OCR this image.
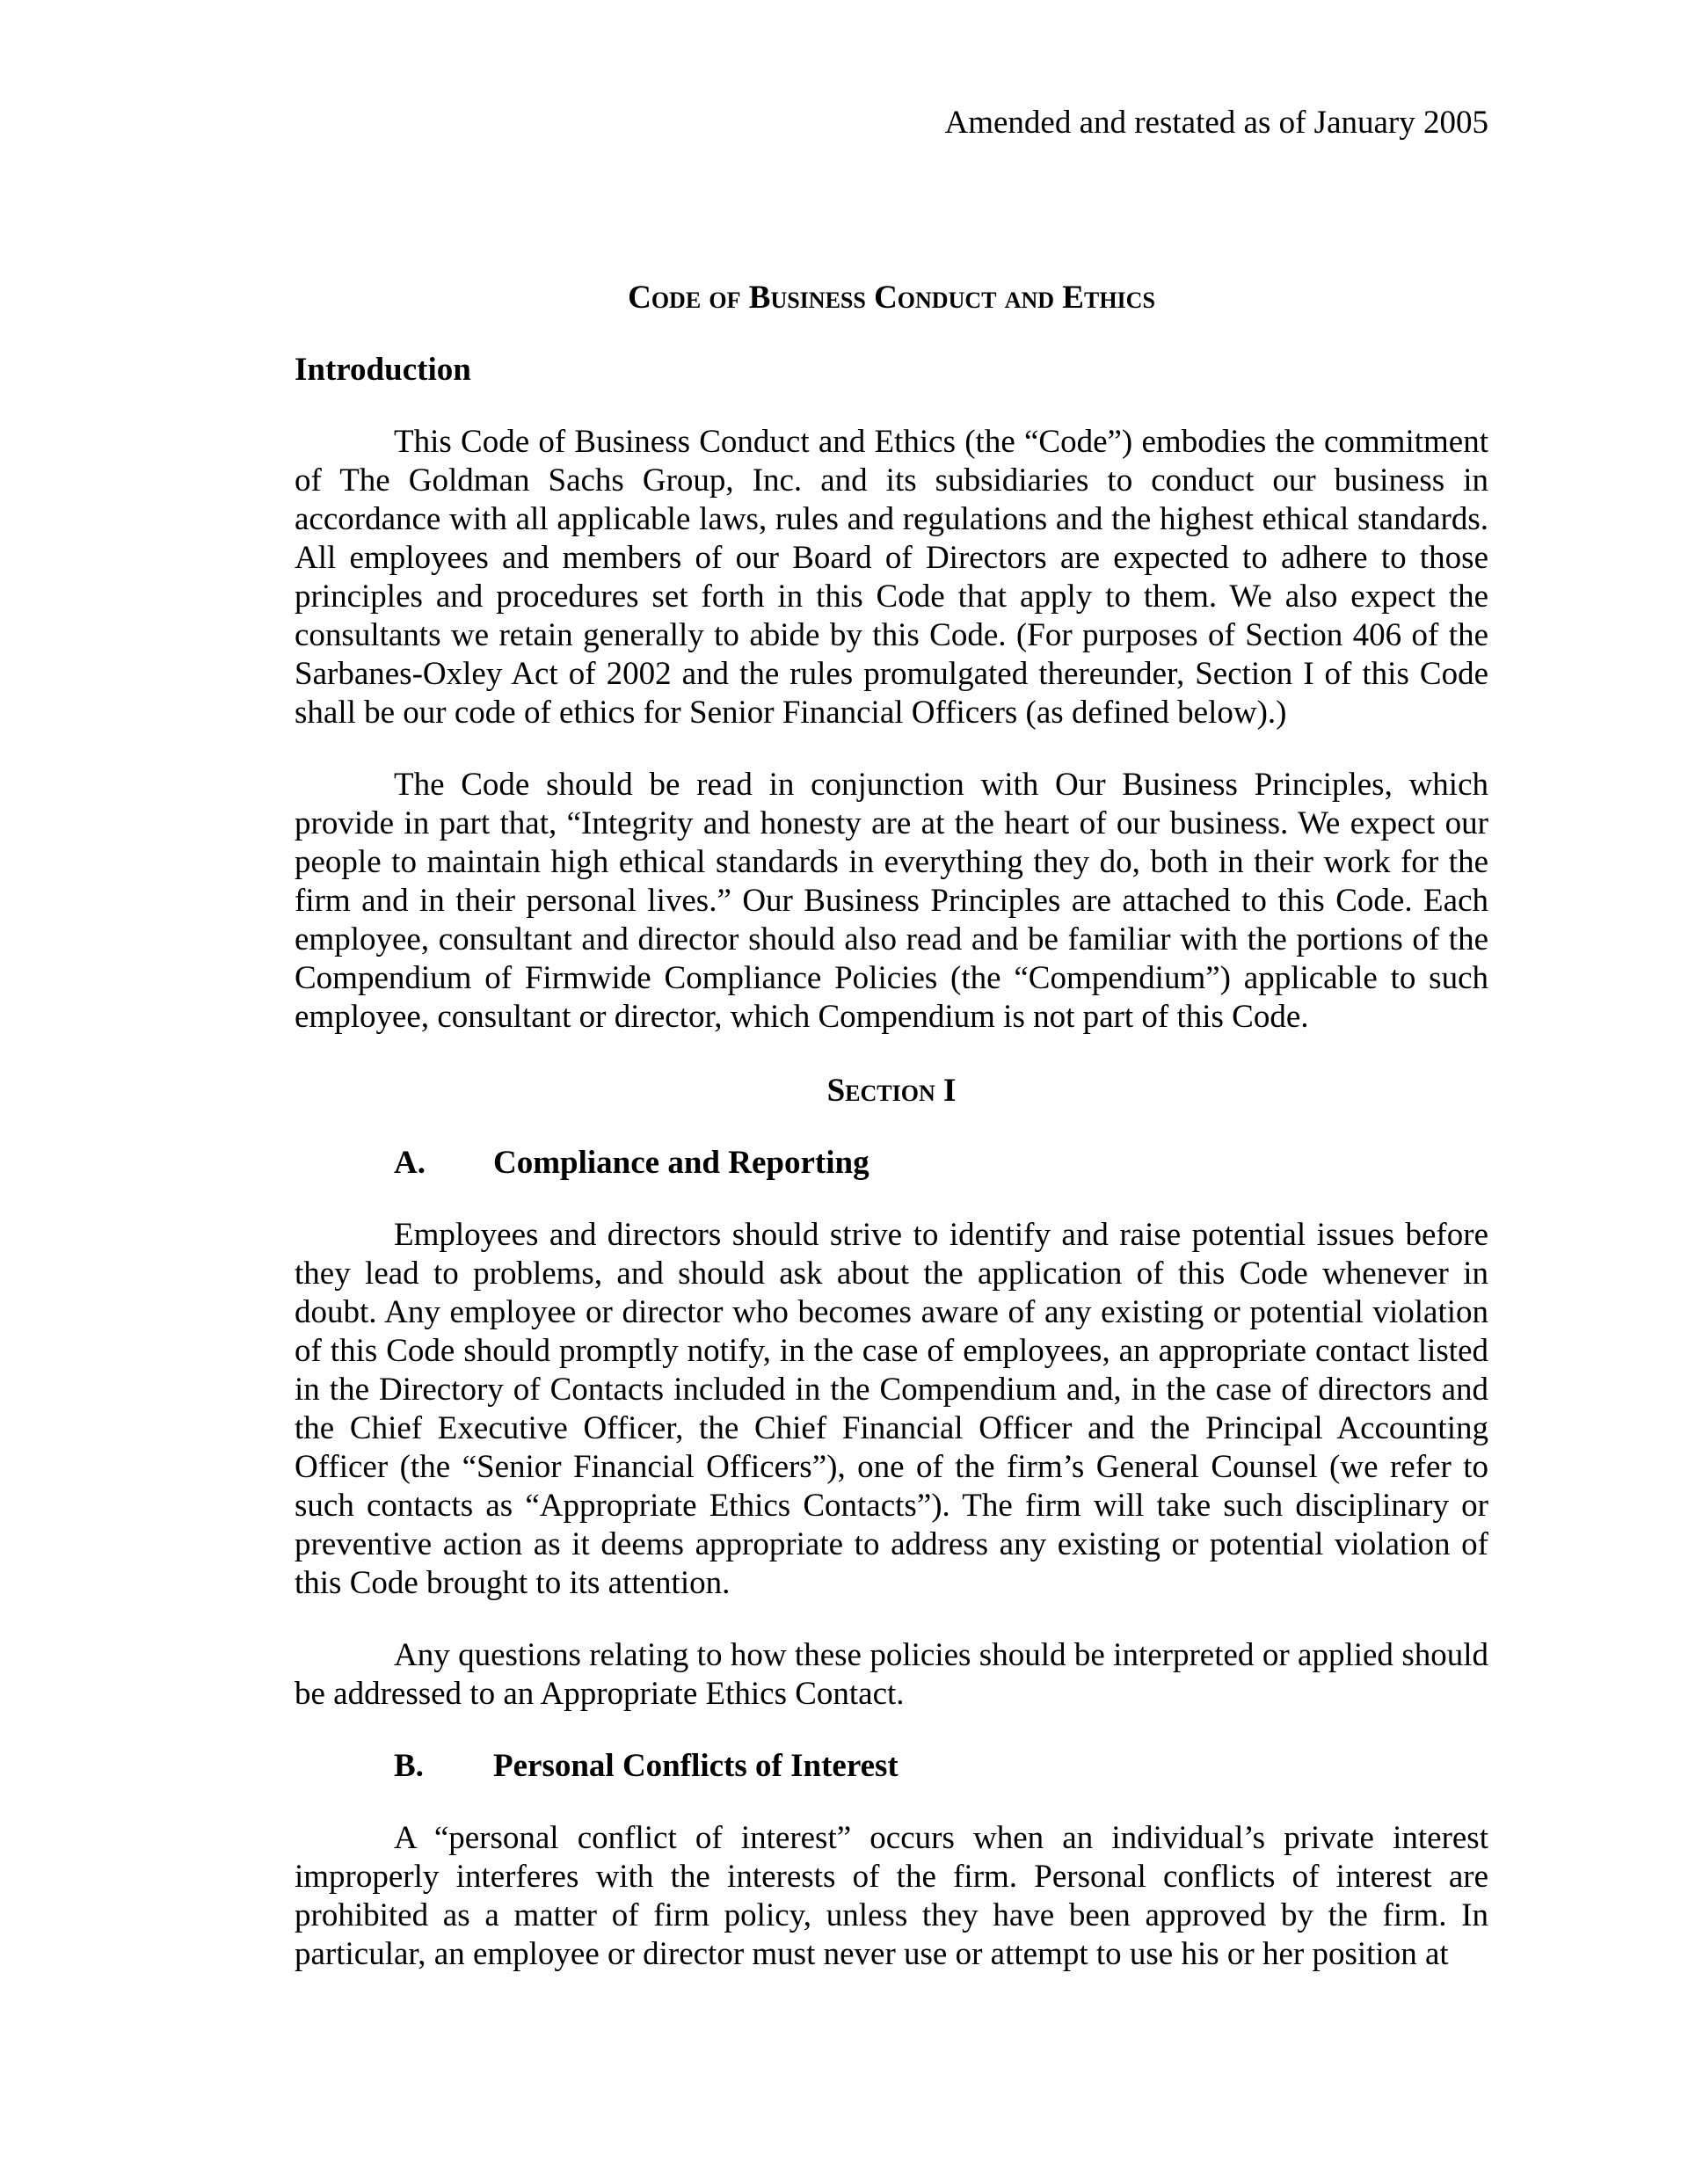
Amended and restated as of January 2005
Code of Business Conduct and Ethics
Introduction

This Code of Business Conduct and Ethics (the “Code”) embodies the commitment of The Goldman Sachs Group, Inc. and its subsidiaries to conduct our business in accordance with all applicable laws, rules and regulations and the highest ethical standards. All employees and members of our Board of Directors are expected to adhere to those principles and procedures set forth in this Code that apply to them. We also expect the consultants we retain generally to abide by this Code. (For purposes of Section 406 of the Sarbanes-Oxley Act of 2002 and the rules promulgated thereunder, Section I of this Code shall be our code of ethics for Senior Financial Officers (as defined below).)

The Code should be read in conjunction with Our Business Principles, which provide in part that, “Integrity and honesty are at the heart of our business. We expect our people to maintain high ethical standards in everything they do, both in their work for the firm and in their personal lives.” Our Business Principles are attached to this Code. Each employee, consultant and director should also read and be familiar with the portions of the Compendium of Firmwide Compliance Policies (the “Compendium”) applicable to such employee, consultant or director, which Compendium is not part of this Code.

Section I
A.	Compliance and Reporting

Employees and directors should strive to identify and raise potential issues before they lead to problems, and should ask about the application of this Code whenever in doubt. Any employee or director who becomes aware of any existing or potential violation of this Code should promptly notify, in the case of employees, an appropriate contact listed in the Directory of Contacts included in the Compendium and, in the case of directors and the Chief Executive Officer, the Chief Financial Officer and the Principal Accounting Officer (the “Senior Financial Officers”), one of the firm’s General Counsel (we refer to such contacts as “Appropriate Ethics Contacts”). The firm will take such disciplinary or preventive action as it deems appropriate to address any existing or potential violation of this Code brought to its attention.

Any questions relating to how these policies should be interpreted or applied should be addressed to an Appropriate Ethics Contact.

B.	Personal Conflicts of Interest

A “personal conflict of interest” occurs when an individual’s private interest improperly interferes with the interests of the firm. Personal conflicts of interest are prohibited as a matter of firm policy, unless they have been approved by the firm. In particular, an employee or director must never use or attempt to use his or her position at
